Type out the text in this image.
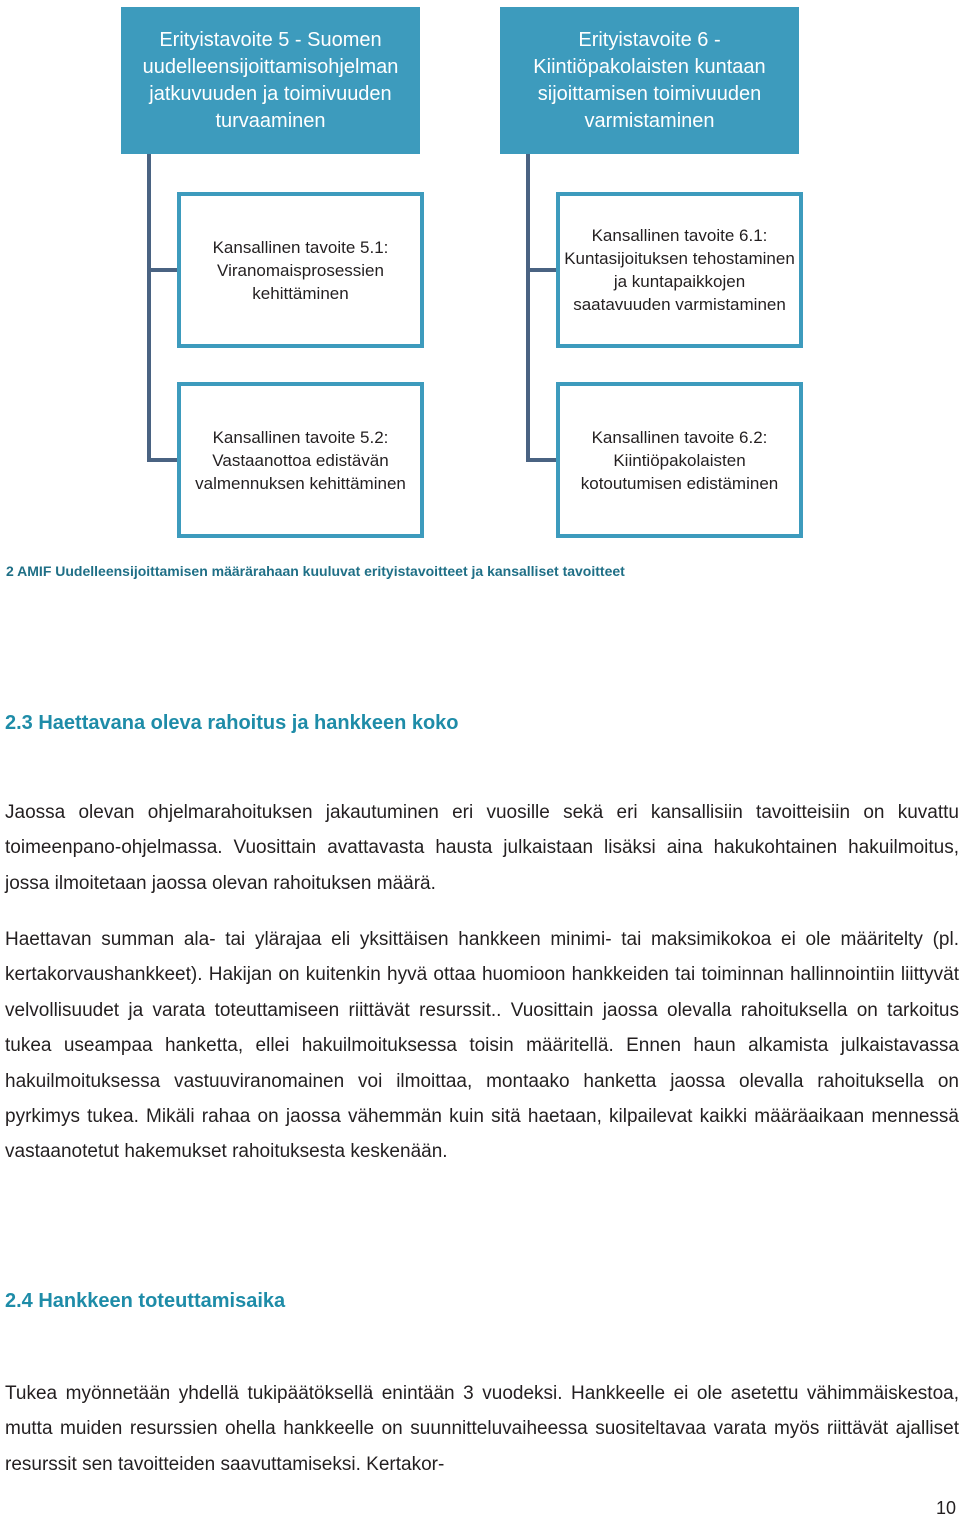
Erityistavoite 5 - Suomen uudelleensijoittamisohjelman jatkuvuuden ja toimivuuden turvaaminen
Erityistavoite 6 - Kiintiöpakolaisten kuntaan sijoittamisen toimivuuden varmistaminen
Kansallinen tavoite 5.1: Viranomaisprosessien kehittäminen
Kansallinen tavoite 6.1: Kuntasijoituksen tehostaminen ja kuntapaikkojen saatavuuden varmistaminen
Kansallinen tavoite 5.2: Vastaanottoa edistävän valmennuksen kehittäminen
Kansallinen tavoite 6.2: Kiintiöpakolaisten kotoutumisen edistäminen
2 AMIF Uudelleensijoittamisen määrärahaan kuuluvat erityistavoitteet ja kansalliset tavoitteet
2.3 Haettavana oleva rahoitus ja hankkeen koko

Jaossa olevan ohjelmarahoituksen jakautuminen eri vuosille sekä eri kansallisiin tavoitteisiin on kuvattu toimeenpano-ohjelmassa. Vuosittain avattavasta hausta julkaistaan lisäksi aina hakukohtainen hakuilmoitus, jossa ilmoitetaan jaossa olevan rahoituksen määrä.

Haettavan summan ala- tai ylärajaa eli yksittäisen hankkeen minimi- tai maksimikokoa ei ole määritelty (pl. kertakorvaushankkeet). Hakijan on kuitenkin hyvä ottaa huomioon hankkeiden tai toiminnan hallinnointiin liittyvät velvollisuudet ja varata toteuttamiseen riittävät resurssit.. Vuosittain jaossa olevalla rahoituksella on tarkoitus tukea useampaa hanketta, ellei hakuilmoituksessa toisin määritellä. Ennen haun alkamista julkaistavassa hakuilmoituksessa vastuuviranomainen voi ilmoittaa, montaako hanketta jaossa olevalla rahoituksella on pyrkimys tukea. Mikäli rahaa on jaossa vähemmän kuin sitä haetaan, kilpailevat kaikki määräaikaan mennessä vastaanotetut hakemukset rahoituksesta keskenään.

2.4 Hankkeen toteuttamisaika

Tukea myönnetään yhdellä tukipäätöksellä enintään 3 vuodeksi. Hankkeelle ei ole asetettu vähimmäiskestoa, mutta muiden resurssien ohella hankkeelle on suunnitteluvaiheessa suositeltavaa varata myös riittävät ajalliset resurssit sen tavoitteiden saavuttamiseksi. Kertakor-

10
